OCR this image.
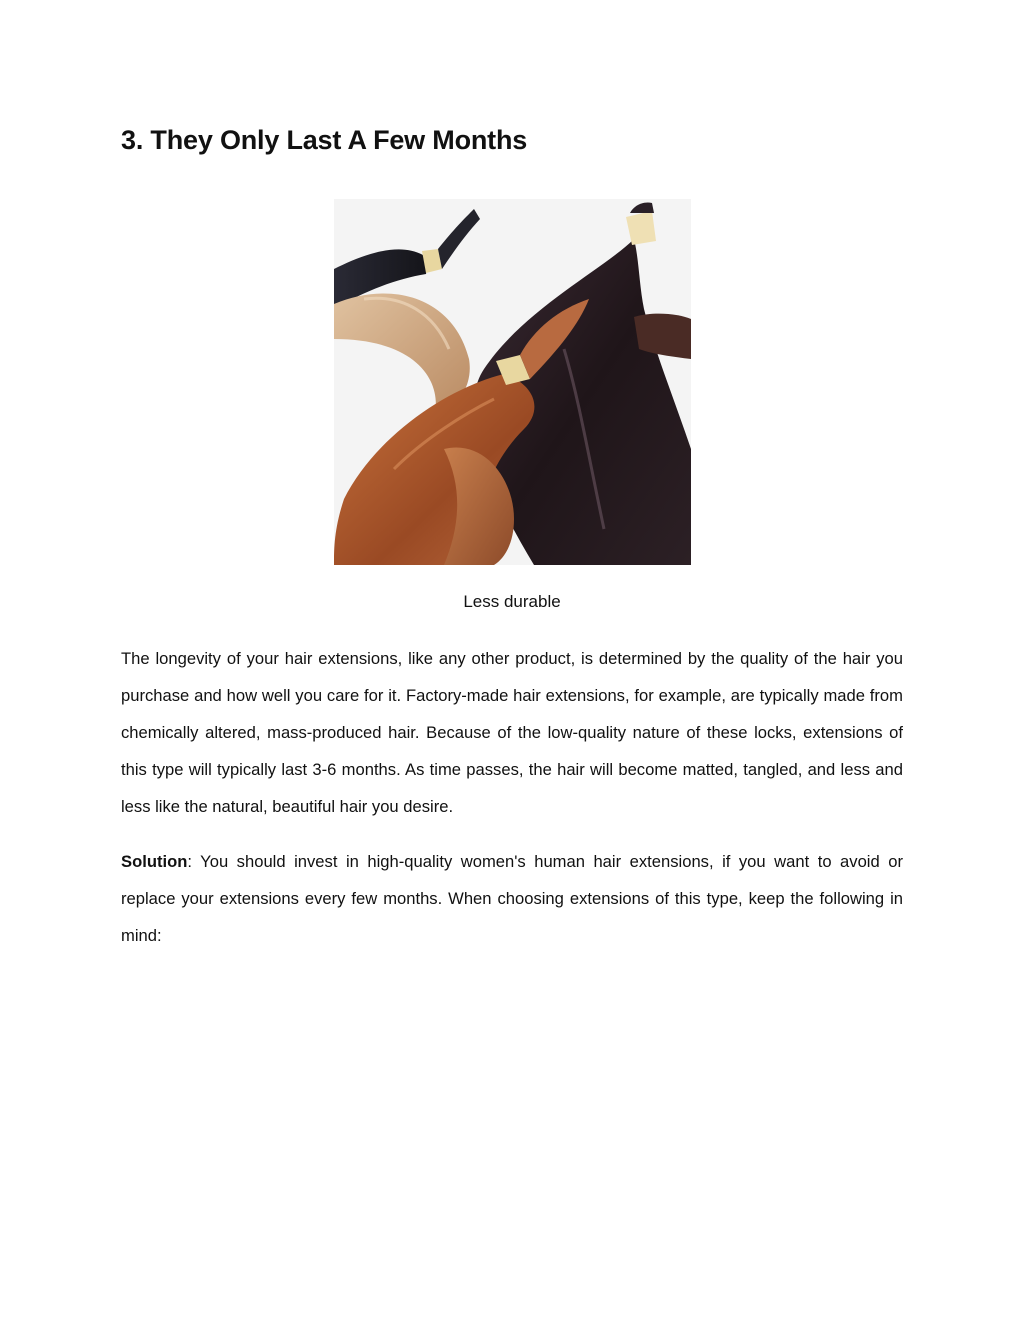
3. They Only Last A Few Months
Less durable

The longevity of your hair extensions, like any other product, is determined by the quality of the hair you purchase and how well you care for it. Factory-made hair extensions, for example, are typically made from chemically altered, mass-produced hair. Because of the low-quality nature of these locks, extensions of this type will typically last 3-6 months. As time passes, the hair will become matted, tangled, and less and less like the natural, beautiful hair you desire.

Solution: You should invest in high-quality women's human hair extensions, if you want to avoid or replace your extensions every few months. When choosing extensions of this type, keep the following in mind:
